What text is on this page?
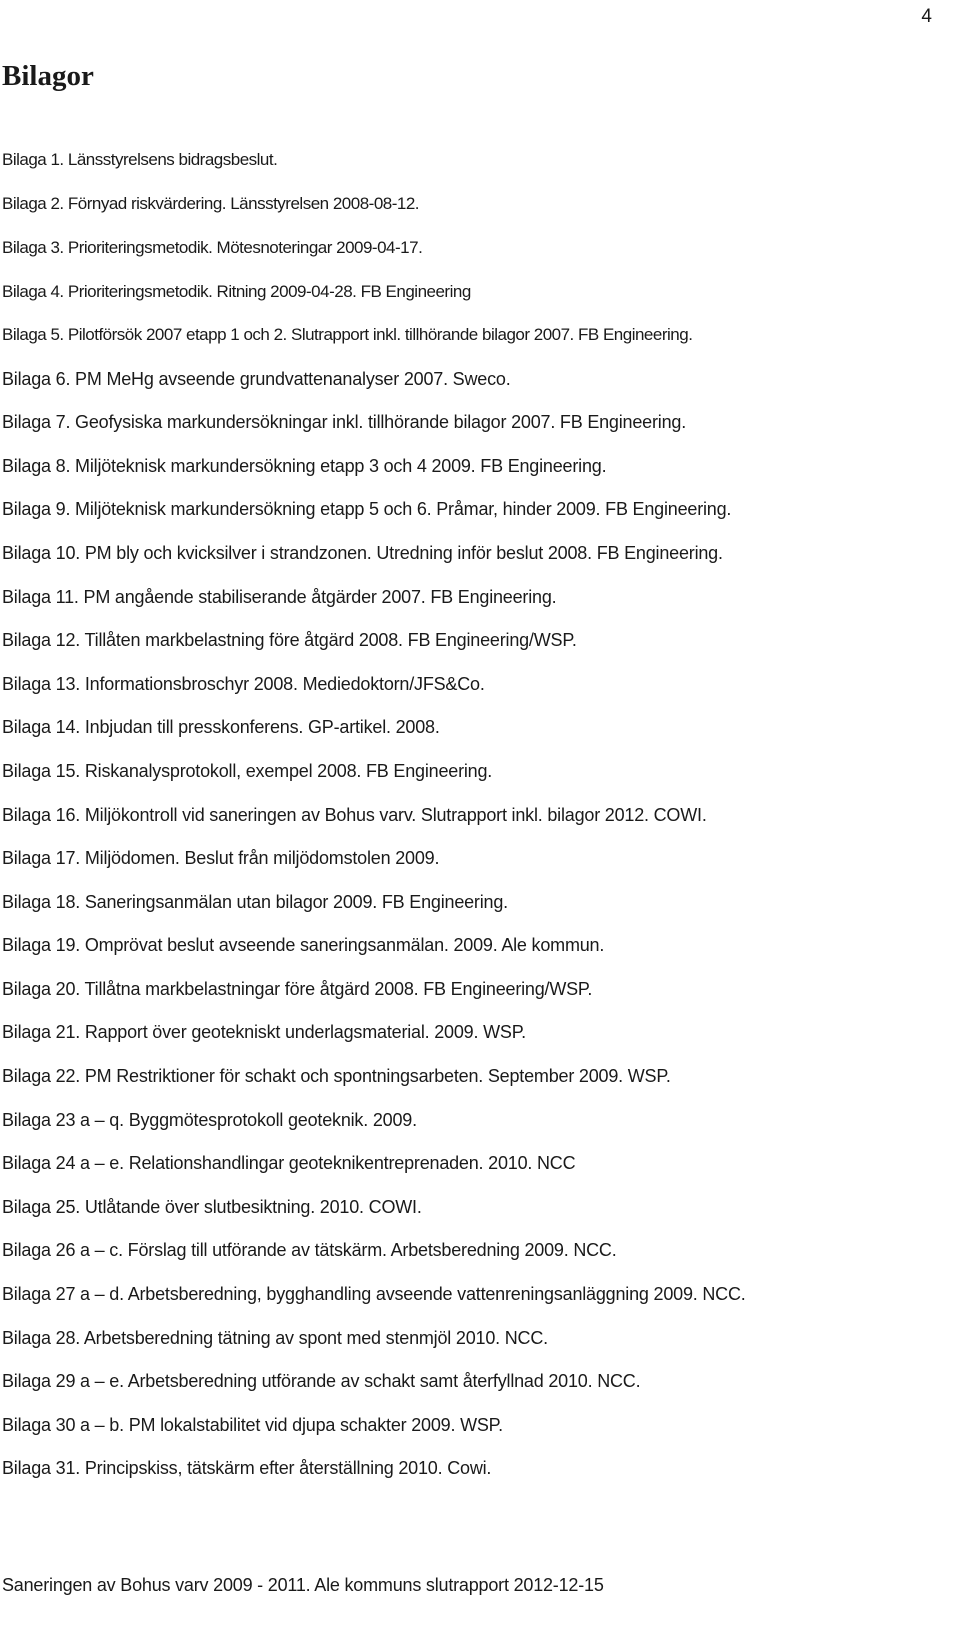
4
Bilagor
Bilaga 1. Länsstyrelsens bidragsbeslut.
Bilaga 2. Förnyad riskvärdering. Länsstyrelsen 2008-08-12.
Bilaga 3. Prioriteringsmetodik. Mötesnoteringar 2009-04-17.
Bilaga 4. Prioriteringsmetodik. Ritning 2009-04-28. FB Engineering
Bilaga 5. Pilotförsök 2007 etapp 1 och 2. Slutrapport inkl. tillhörande bilagor 2007. FB Engineering.
Bilaga 6. PM MeHg avseende grundvattenanalyser 2007. Sweco.
Bilaga 7. Geofysiska markundersökningar inkl. tillhörande bilagor 2007. FB Engineering.
Bilaga 8. Miljöteknisk markundersökning etapp 3 och 4 2009. FB Engineering.
Bilaga 9. Miljöteknisk markundersökning etapp 5 och 6. Pråmar, hinder 2009. FB Engineering.
Bilaga 10. PM bly och kvicksilver i strandzonen. Utredning inför beslut 2008. FB Engineering.
Bilaga 11. PM angående stabiliserande åtgärder 2007. FB Engineering.
Bilaga 12. Tillåten markbelastning före åtgärd 2008. FB Engineering/WSP.
Bilaga 13. Informationsbroschyr 2008. Mediedoktorn/JFS&Co.
Bilaga 14. Inbjudan till presskonferens. GP-artikel. 2008.
Bilaga 15. Riskanalysprotokoll, exempel 2008. FB Engineering.
Bilaga 16. Miljökontroll vid saneringen av Bohus varv. Slutrapport inkl. bilagor 2012. COWI.
Bilaga 17. Miljödomen. Beslut från miljödomstolen 2009.
Bilaga 18. Saneringsanmälan utan bilagor 2009. FB Engineering.
Bilaga 19. Omprövat beslut avseende saneringsanmälan. 2009. Ale kommun.
Bilaga 20. Tillåtna markbelastningar före åtgärd 2008. FB Engineering/WSP.
Bilaga 21. Rapport över geotekniskt underlagsmaterial. 2009. WSP.
Bilaga 22. PM Restriktioner för schakt och spontningsarbeten. September 2009. WSP.
Bilaga 23 a – q. Byggmötesprotokoll geoteknik. 2009.
Bilaga 24 a – e. Relationshandlingar geoteknikentreprenaden. 2010. NCC
Bilaga 25. Utlåtande över slutbesiktning. 2010. COWI.
Bilaga 26 a – c. Förslag till utförande av tätskärm. Arbetsberedning 2009. NCC.
Bilaga 27 a – d. Arbetsberedning, bygghandling avseende vattenreningsanläggning 2009. NCC.
Bilaga 28. Arbetsberedning tätning av spont med stenmjöl 2010. NCC.
Bilaga 29 a – e. Arbetsberedning utförande av schakt samt återfyllnad 2010. NCC.
Bilaga 30 a – b. PM lokalstabilitet vid djupa schakter 2009. WSP.
Bilaga 31. Principskiss, tätskärm efter återställning 2010. Cowi.
Saneringen av Bohus varv 2009 - 2011. Ale kommuns slutrapport 2012-12-15
